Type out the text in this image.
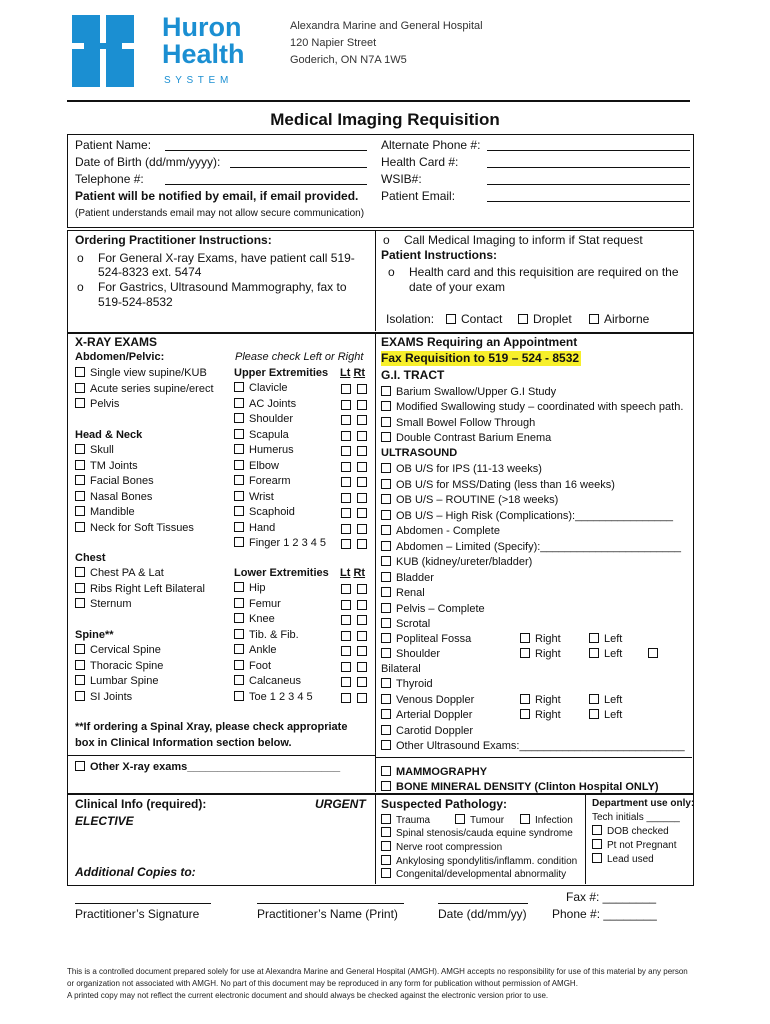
Huron
Health
S Y S T E M
Alexandra Marine and General Hospital
120 Napier Street
Goderich, ON N7A 1W5
Medical Imaging Requisition
Patient Name:
Date of Birth (dd/mm/yyyy):
Telephone #:
Patient will be notified by email, if email provided.
(Patient understands email may not allow secure communication)
Alternate Phone #:
Health Card #:
WSIB#:
Patient Email:
Ordering Practitioner Instructions:
o For General X-ray Exams, have patient call 519-
524-8323 ext. 5474
o For Gastrics, Ultrasound Mammography, fax to
519-524-8532
o Call Medical Imaging to inform if Stat request
Patient Instructions:
o Health card and this requisition are required on the
date of your exam
Isolation:	Contact	Droplet	Airborne
X-RAY EXAMS
Abdomen/Pelvic:
Single view supine/KUB
Acute series supine/erect
Pelvis
Head & Neck
Skull
TM Joints
Facial Bones
Nasal Bones
Mandible
Neck for Soft Tissues
Chest
Chest PA & Lat
Ribs Right Left Bilateral
Sternum
Spine**
Cervical Spine
Thoracic Spine
Lumbar Spine
SI Joints
Please check Left or Right
Upper Extremities Lt Rt
Clavicle
AC Joints
Shoulder
Scapula
Humerus
Elbow
Forearm
Wrist
Scaphoid
Hand
Finger 1 2 3 4 5
Lower Extremities Lt Rt
Hip
Femur
Knee
Tib. & Fib.
Ankle
Foot
Calcaneus
Toe 1 2 3 4 5
**If ordering a Spinal Xray, please check appropriate
box in Clinical Information section below.
Other X-ray exams_________________________
EXAMS Requiring an Appointment
Fax Requisition to 519 – 524 - 8532
G.I. TRACT
Barium Swallow/Upper G.I Study
Modified Swallowing study – coordinated with speech path.
Small Bowel Follow Through
Double Contrast Barium Enema
ULTRASOUND
OB U/S for IPS (11-13 weeks)
OB U/S for MSS/Dating (less than 16 weeks)
OB U/S – ROUTINE (>18 weeks)
OB U/S – High Risk (Complications):________________
Abdomen - Complete
Abdomen – Limited (Specify):_______________________
KUB (kidney/ureter/bladder)
Bladder
Renal
Pelvis – Complete
Scrotal
Popliteal Fossa	Right	Left
Shoulder	Right	Left
Bilateral
Thyroid
Venous Doppler	Right	Left
Arterial Doppler	Right	Left
Carotid Doppler
Other Ultrasound Exams:___________________________
MAMMOGRAPHY
BONE MINERAL DENSITY (Clinton Hospital ONLY)
Clinical Info (required):	URGENT
ELECTIVE
Additional Copies to:
Suspected Pathology:
Trauma	Tumour	Infection
Spinal stenosis/cauda equine syndrome
Nerve root compression
Ankylosing spondylitis/inflamm. condition
Congenital/developmental abnormality
Department use only:
Tech initials ______
DOB checked
Pt not Pregnant
Lead used
Practitioner’s Signature	Practitioner’s Name (Print)	Date (dd/mm/yy)
Fax #: ________
Phone #: ________
This is a controlled document prepared solely for use at Alexandra Marine and General Hospital (AMGH). AMGH accepts no responsibility for use of this material by any person
or organization not associated with AMGH. No part of this document may be reproduced in any form for publication without permission of AMGH.
A printed copy may not reflect the current electronic document and should always be checked against the electronic version prior to use.
